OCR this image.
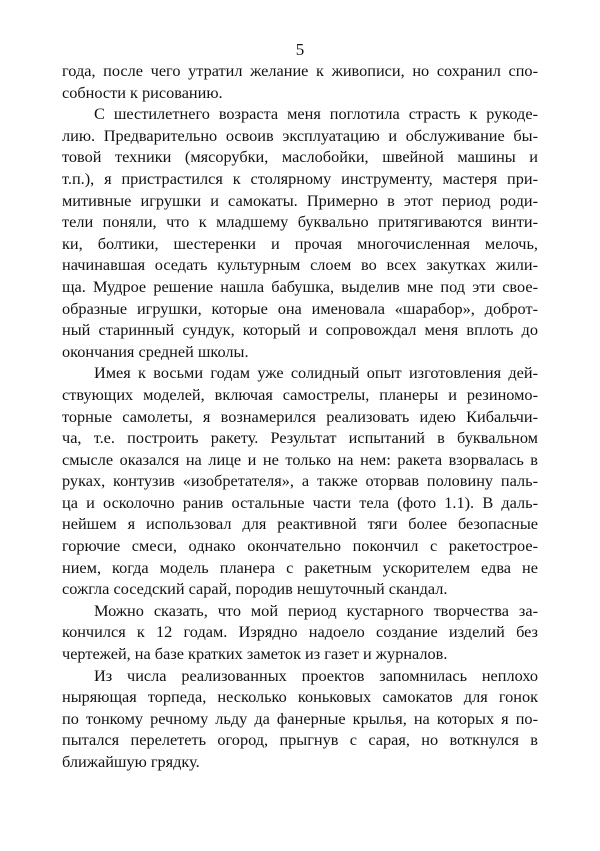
5
года, после чего утратил желание к живописи, но сохранил спо-
собности к рисованию.
С шестилетнего возраста меня поглотила страсть к рукоде-
лию. Предварительно освоив эксплуатацию и обслуживание бы-
товой техники (мясорубки, маслобойки, швейной машины и
т.п.), я пристрастился к столярному инструменту, мастеря при-
митивные игрушки и самокаты. Примерно в этот период роди-
тели поняли, что к младшему буквально притягиваются винти-
ки, болтики, шестеренки и прочая многочисленная мелочь,
начинавшая оседать культурным слоем во всех закутках жили-
ща. Мудрое решение нашла бабушка, выделив мне под эти свое-
образные игрушки, которые она именовала «шарабор», доброт-
ный старинный сундук, который и сопровождал меня вплоть до
окончания средней школы.
Имея к восьми годам уже солидный опыт изготовления дей-
ствующих моделей, включая самострелы, планеры и резиномо-
торные самолеты, я вознамерился реализовать идею Кибальчи-
ча, т.е. построить ракету. Результат испытаний в буквальном
смысле оказался на лице и не только на нем: ракета взорвалась в
руках, контузив «изобретателя», а также оторвав половину паль-
ца и осколочно ранив остальные части тела (фото 1.1). В даль-
нейшем я использовал для реактивной тяги более безопасные
горючие смеси, однако окончательно покончил с ракетострое-
нием, когда модель планера с ракетным ускорителем едва не
сожгла соседский сарай, породив нешуточный скандал.
Можно сказать, что мой период кустарного творчества за-
кончился к 12 годам. Изрядно надоело создание изделий без
чертежей, на базе кратких заметок из газет и журналов.
Из числа реализованных проектов запомнилась неплохо
ныряющая торпеда, несколько коньковых самокатов для гонок
по тонкому речному льду да фанерные крылья, на которых я по-
пытался перелететь огород, прыгнув с сарая, но воткнулся в
ближайшую грядку.
